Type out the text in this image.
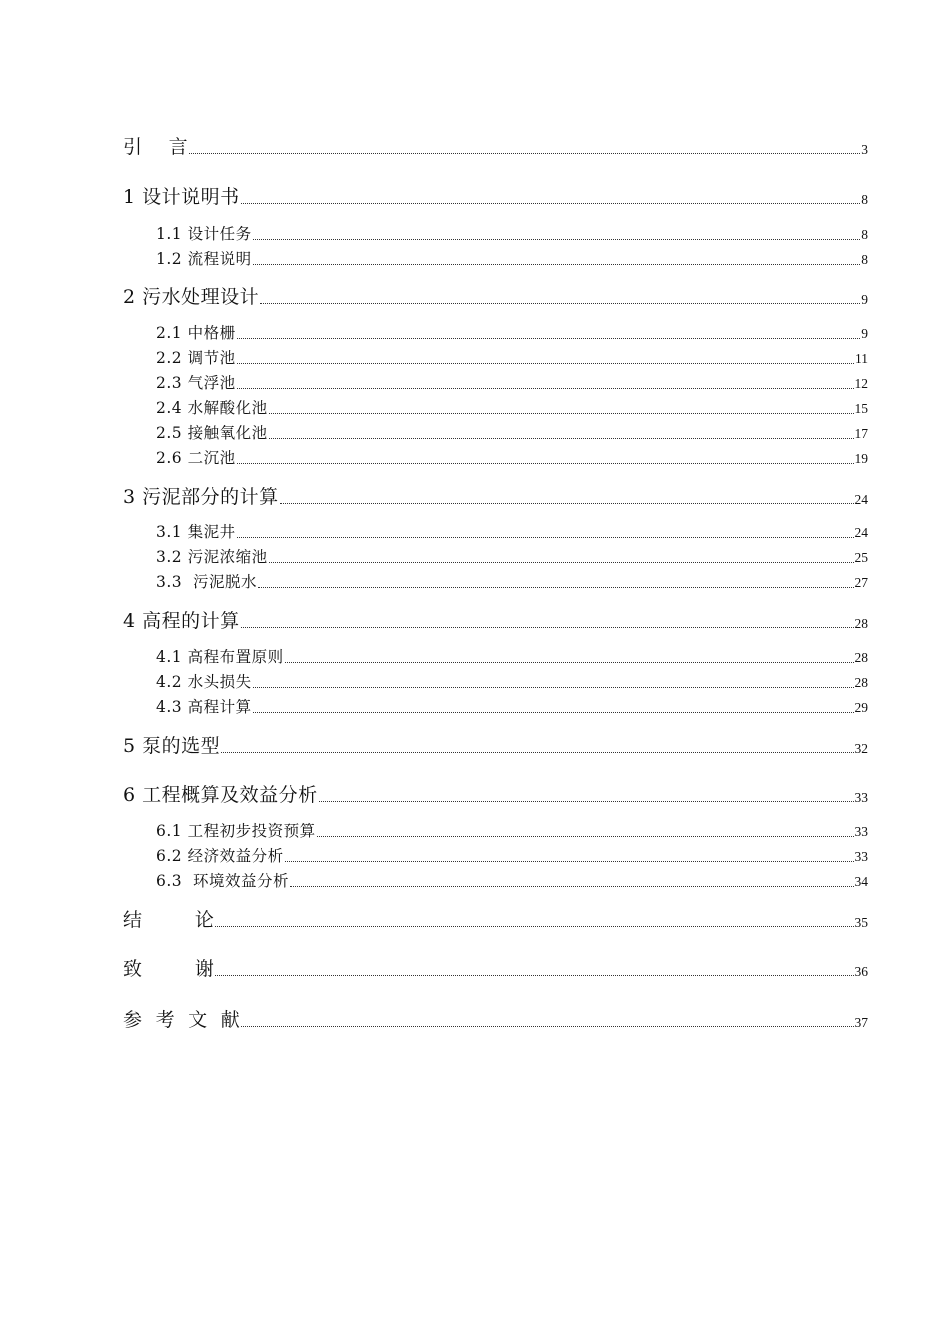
引    言	3
1 设计说明书	8
1.1 设计任务	8
1.2 流程说明	8
2 污水处理设计	9
2.1 中格栅	9
2.2 调节池	11
2.3 气浮池	12
2.4 水解酸化池	15
2.5 接触氧化池	17
2.6 二沉池	19
3 污泥部分的计算	24
3.1 集泥井	24
3.2 污泥浓缩池	25
3.3  污泥脱水	27
4 高程的计算	28
4.1 高程布置原则	28
4.2 水头损失	28
4.3 高程计算	29
5 泵的选型	32
6 工程概算及效益分析	33
6.1 工程初步投资预算	33
6.2 经济效益分析	33
6.3  环境效益分析	34
结        论	35
致        谢	36
参  考  文  献	37
